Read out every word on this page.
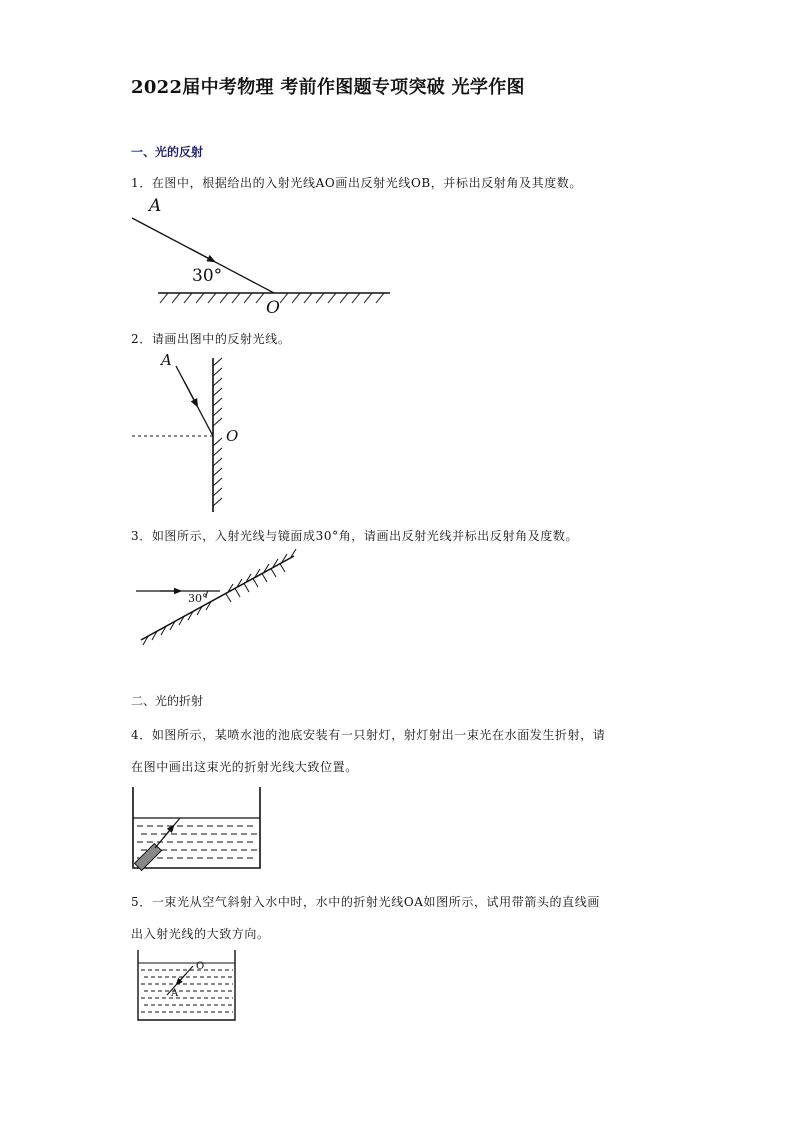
2022届中考物理 考前作图题专项突破 光学作图
一、光的反射
1．在图中，根据给出的入射光线AO画出反射光线OB，并标出反射角及其度数。
A
30°
O
2．请画出图中的反射光线。
A
O
3．如图所示，入射光线与镜面成30°角，请画出反射光线并标出反射角及度数。
30°
二、光的折射
4．如图所示，某喷水池的池底安装有一只射灯，射灯射出一束光在水面发生折射，请
在图中画出这束光的折射光线大致位置。
5．一束光从空气斜射入水中时，水中的折射光线OA如图所示，试用带箭头的直线画
出入射光线的大致方向。
O
A
